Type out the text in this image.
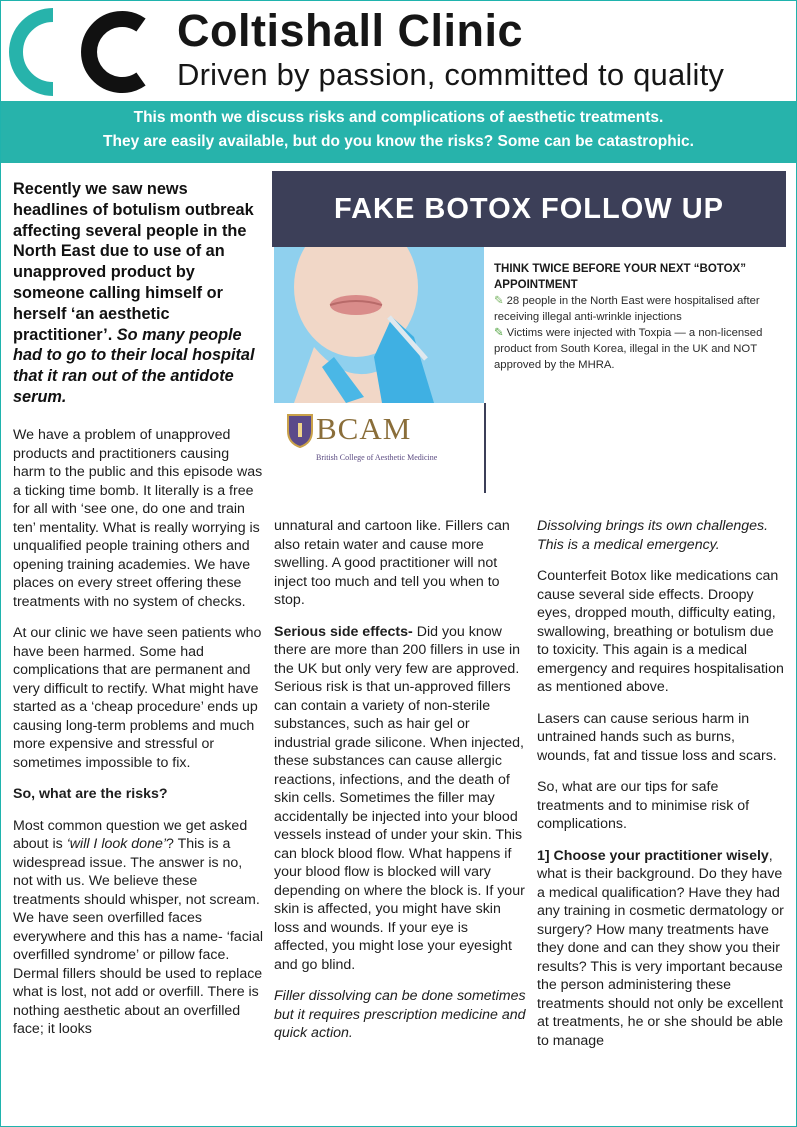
Coltishall Clinic
Driven by passion, committed to quality
This month we discuss risks and complications of aesthetic treatments.
They are easily available, but do you know the risks? Some can be catastrophic.
Recently we saw news headlines of botulism outbreak affecting several people in the North East due to use of an unapproved product by someone calling himself or herself ‘an aesthetic practitioner’. So many people had to go to their local hospital that it ran out of the antidote serum.
FAKE BOTOX FOLLOW UP
THINK TWICE BEFORE YOUR NEXT “BOTOX” APPOINTMENT
✎ 28 people in the North East were hospitalised after receiving illegal anti-wrinkle injections
✎ Victims were injected with Toxpia — a non-licensed product from South Korea, illegal in the UK and NOT approved by the MHRA.
BCAM
British College of Aesthetic Medicine

We have a problem of unapproved products and practitioners causing harm to the public and this episode was a ticking time bomb. It literally is a free for all with ‘see one, do one and train ten’ mentality. What is really worrying is unqualified people training others and opening training academies. We have places on every street offering these treatments with no system of checks.

At our clinic we have seen patients who have been harmed. Some had complications that are permanent and very difficult to rectify. What might have started as a ‘cheap procedure’ ends up causing long-term problems and much more expensive and stressful or sometimes impossible to fix.

So, what are the risks?

Most common question we get asked about is ‘will I look done’? This is a widespread issue. The answer is no, not with us. We believe these treatments should whisper, not scream. We have seen overfilled faces everywhere and this has a name- ‘facial overfilled syndrome’ or pillow face. Dermal fillers should be used to replace what is lost, not add or overfill. There is nothing aesthetic about an overfilled face; it looks

unnatural and cartoon like. Fillers can also retain water and cause more swelling. A good practitioner will not inject too much and tell you when to stop.

Serious side effects- Did you know there are more than 200 fillers in use in the UK but only very few are approved. Serious risk is that un-approved fillers can contain a variety of non-sterile substances, such as hair gel or industrial grade silicone. When injected, these substances can cause allergic reactions, infections, and the death of skin cells. Sometimes the filler may accidentally be injected into your blood vessels instead of under your skin. This can block blood flow. What happens if your blood flow is blocked will vary depending on where the block is. If your skin is affected, you might have skin loss and wounds. If your eye is affected, you might lose your eyesight and go blind.

Filler dissolving can be done sometimes but it requires prescription medicine and quick action.

Dissolving brings its own challenges. This is a medical emergency.

Counterfeit Botox like medications can cause several side effects. Droopy eyes, dropped mouth, difficulty eating, swallowing, breathing or botulism due to toxicity. This again is a medical emergency and requires hospitalisation as mentioned above.

Lasers can cause serious harm in untrained hands such as burns, wounds, fat and tissue loss and scars.

So, what are our tips for safe treatments and to minimise risk of complications.

1] Choose your practitioner wisely, what is their background. Do they have a medical qualification? Have they had any training in cosmetic dermatology or surgery? How many treatments have they done and can they show you their results? This is very important because the person administering these treatments should not only be excellent at treatments, he or she should be able to manage
